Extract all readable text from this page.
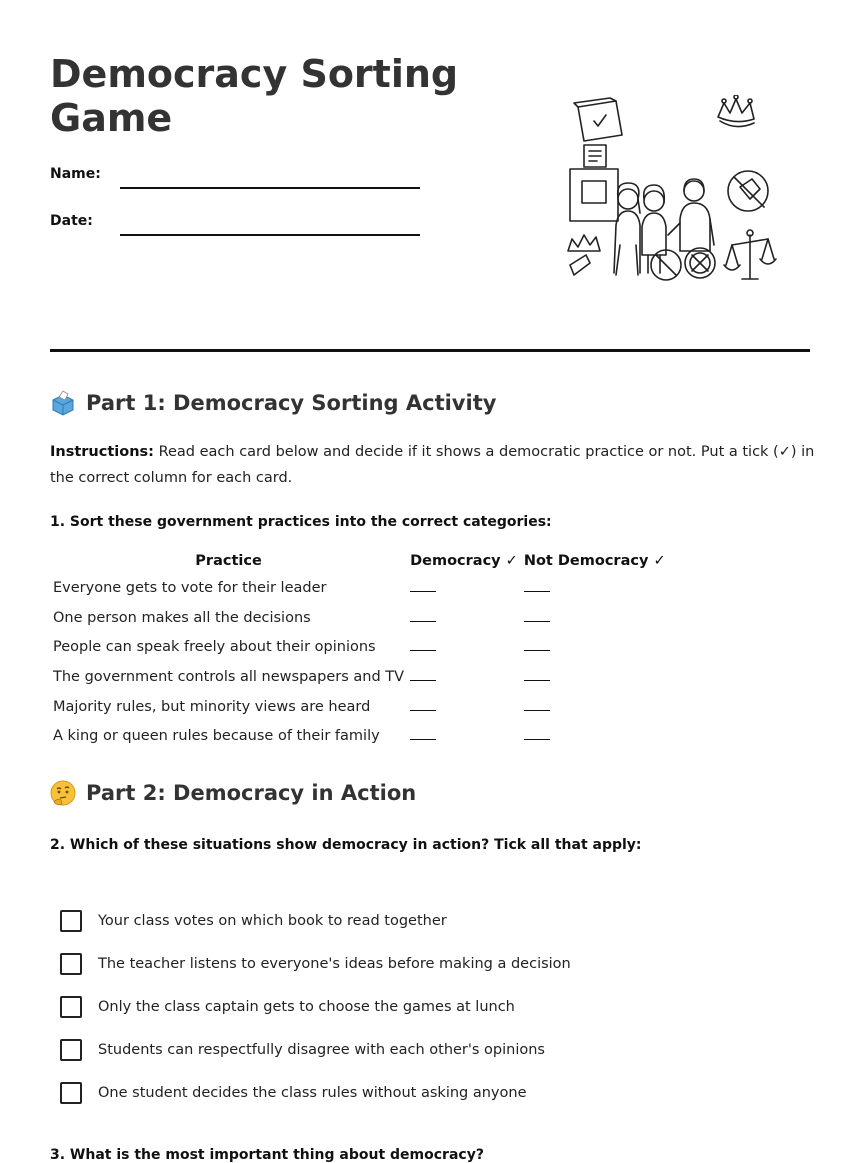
Democracy Sorting Game
Name:
Date:
Part 1: Democracy Sorting Activity
Instructions: Read each card below and decide if it shows a democratic practice or not. Put a tick (✓) in the correct column for each card.
1. Sort these government practices into the correct categories:
Practice	Democracy ✓	Not Democracy ✓
Everyone gets to vote for their leader		
One person makes all the decisions		
People can speak freely about their opinions		
The government controls all newspapers and TV		
Majority rules, but minority views are heard		
A king or queen rules because of their family		
Part 2: Democracy in Action
2. Which of these situations show democracy in action? Tick all that apply:
Your class votes on which book to read together
The teacher listens to everyone's ideas before making a decision
Only the class captain gets to choose the games at lunch
Students can respectfully disagree with each other's opinions
One student decides the class rules without asking anyone
3. What is the most important thing about democracy?
